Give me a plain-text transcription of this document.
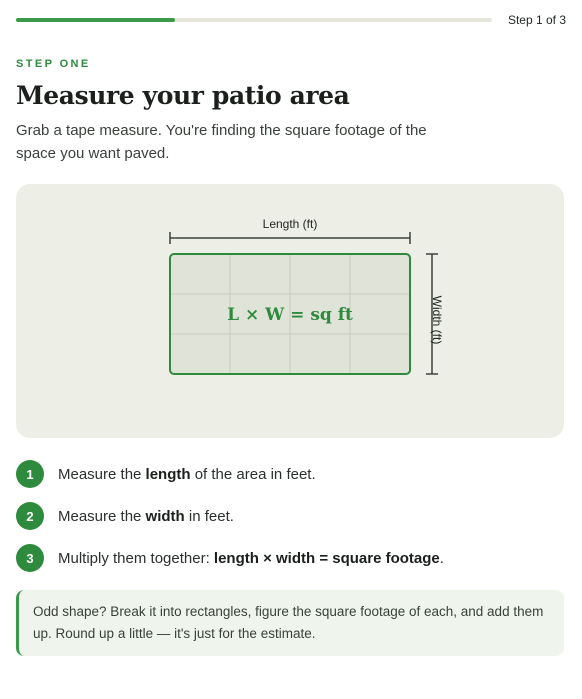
Step 1 of 3
STEP ONE
Measure your patio area

Grab a tape measure. You're finding the square footage of the space you want paved.

Length (ft)
L × W = sq ft	Width (ft)
1	Measure the length of the area in feet.
2	Measure the width in feet.
3	Multiply them together: length × width = square footage.
Odd shape? Break it into rectangles, figure the square footage of each, and add them up. Round up a little — it's just for the estimate.
